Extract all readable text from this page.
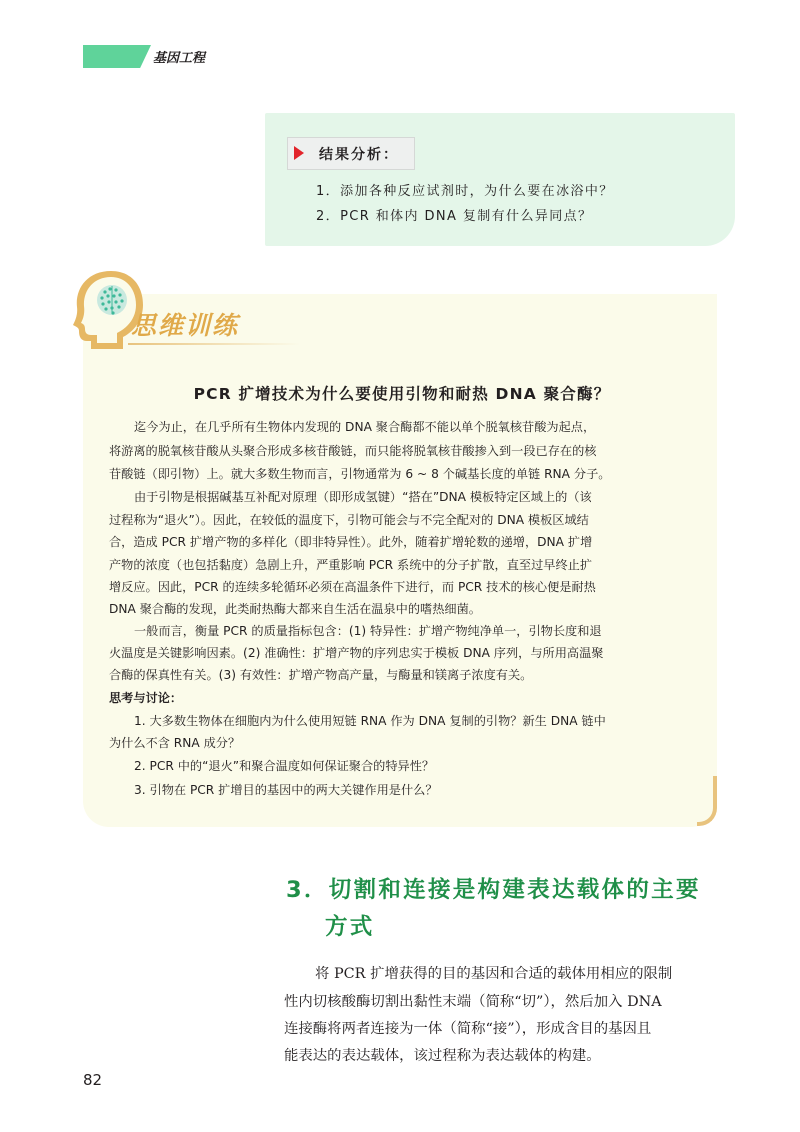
基因工程
结果分析：
1．添加各种反应试剂时，为什么要在冰浴中？
2．PCR 和体内 DNA 复制有什么异同点？
思维训练
PCR 扩增技术为什么要使用引物和耐热 DNA 聚合酶？
迄今为止，在几乎所有生物体内发现的 DNA 聚合酶都不能以单个脱氧核苷酸为起点，
将游离的脱氧核苷酸从头聚合形成多核苷酸链，而只能将脱氧核苷酸掺入到一段已存在的核
苷酸链（即引物）上。就大多数生物而言，引物通常为 6 ~ 8 个碱基长度的单链 RNA 分子。
由于引物是根据碱基互补配对原理（即形成氢键）“搭在”DNA 模板特定区域上的（该
过程称为“退火”）。因此，在较低的温度下，引物可能会与不完全配对的 DNA 模板区域结
合，造成 PCR 扩增产物的多样化（即非特异性）。此外，随着扩增轮数的递增，DNA 扩增
产物的浓度（也包括黏度）急剧上升，严重影响 PCR 系统中的分子扩散，直至过早终止扩
增反应。因此，PCR 的连续多轮循环必须在高温条件下进行，而 PCR 技术的核心便是耐热
DNA 聚合酶的发现，此类耐热酶大都来自生活在温泉中的嗜热细菌。
一般而言，衡量 PCR 的质量指标包含：(1) 特异性：扩增产物纯净单一，引物长度和退
火温度是关键影响因素。(2) 准确性：扩增产物的序列忠实于模板 DNA 序列，与所用高温聚
合酶的保真性有关。(3) 有效性：扩增产物高产量，与酶量和镁离子浓度有关。
思考与讨论：
1. 大多数生物体在细胞内为什么使用短链 RNA 作为 DNA 复制的引物？新生 DNA 链中
为什么不含 RNA 成分？
2. PCR 中的“退火”和聚合温度如何保证聚合的特异性？
3. 引物在 PCR 扩增目的基因中的两大关键作用是什么？
3．切割和连接是构建表达载体的主要
方式
将 PCR 扩增获得的目的基因和合适的载体用相应的限制
性内切核酸酶切割出黏性末端（简称“切”），然后加入 DNA
连接酶将两者连接为一体（简称“接”），形成含目的基因且
能表达的表达载体，该过程称为表达载体的构建。
82
